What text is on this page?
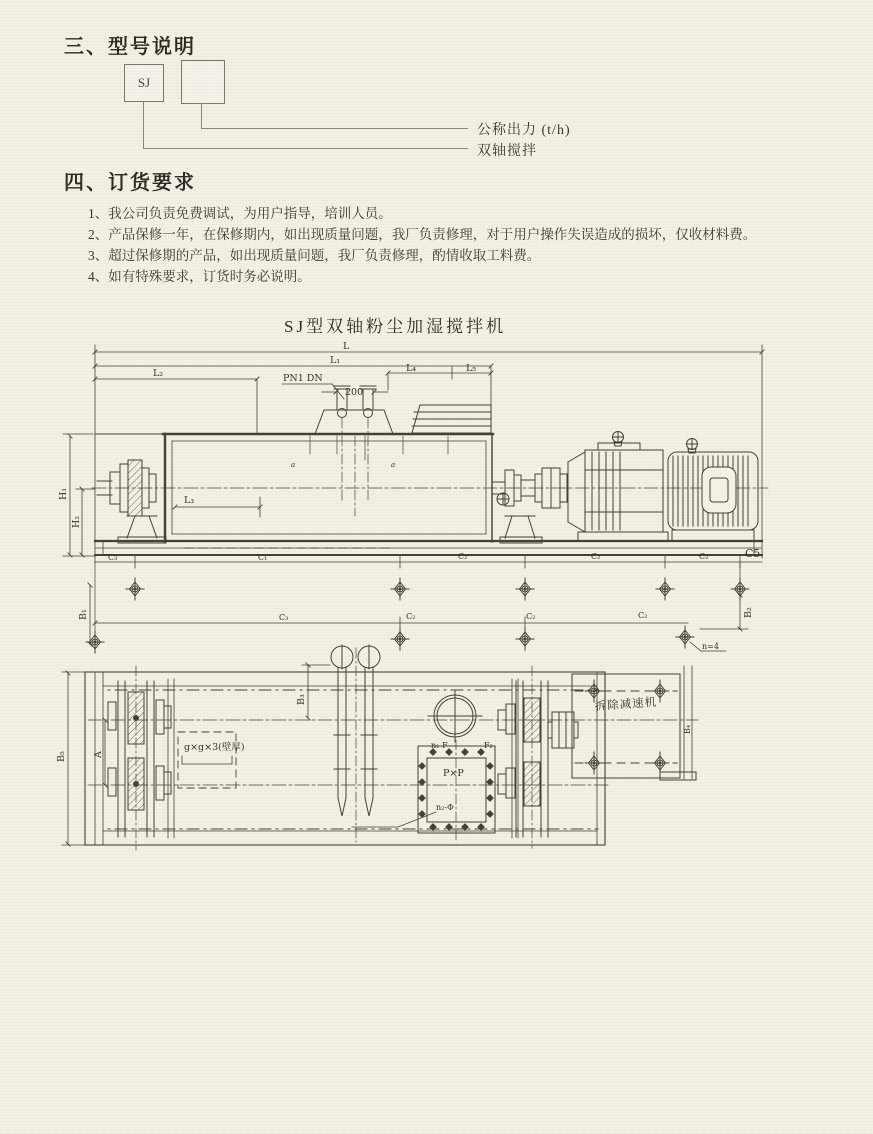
三、型号说明
SJ
公称出力 (t/h)
双轴搅拌
四、订货要求
1、我公司负责免费调试，为用户指导，培训人员。
2、产品保修一年，在保修期内，如出现质量问题，我厂负责修理，对于用户操作失误造成的损坏，仅收材料费。
3、超过保修期的产品，如出现质量问题，我厂负责修理，酌情收取工料费。
4、如有特殊要求，订货时务必说明。
SJ型双轴粉尘加湿搅拌机
L
L₁
L₂	L₄	L₅
PN1 DN
200
a	a
L₃
H₁
H₂
C₃	C₁	C₂	C₂	C₂	C5
B₁	B₂
n=4
C₃	C₂	C₂	C₂
B₅	A
g×g×3(壁厚)
B₃
n₁-F	F₂
P×P
n₂-Φ
拆除减速机
B₄
